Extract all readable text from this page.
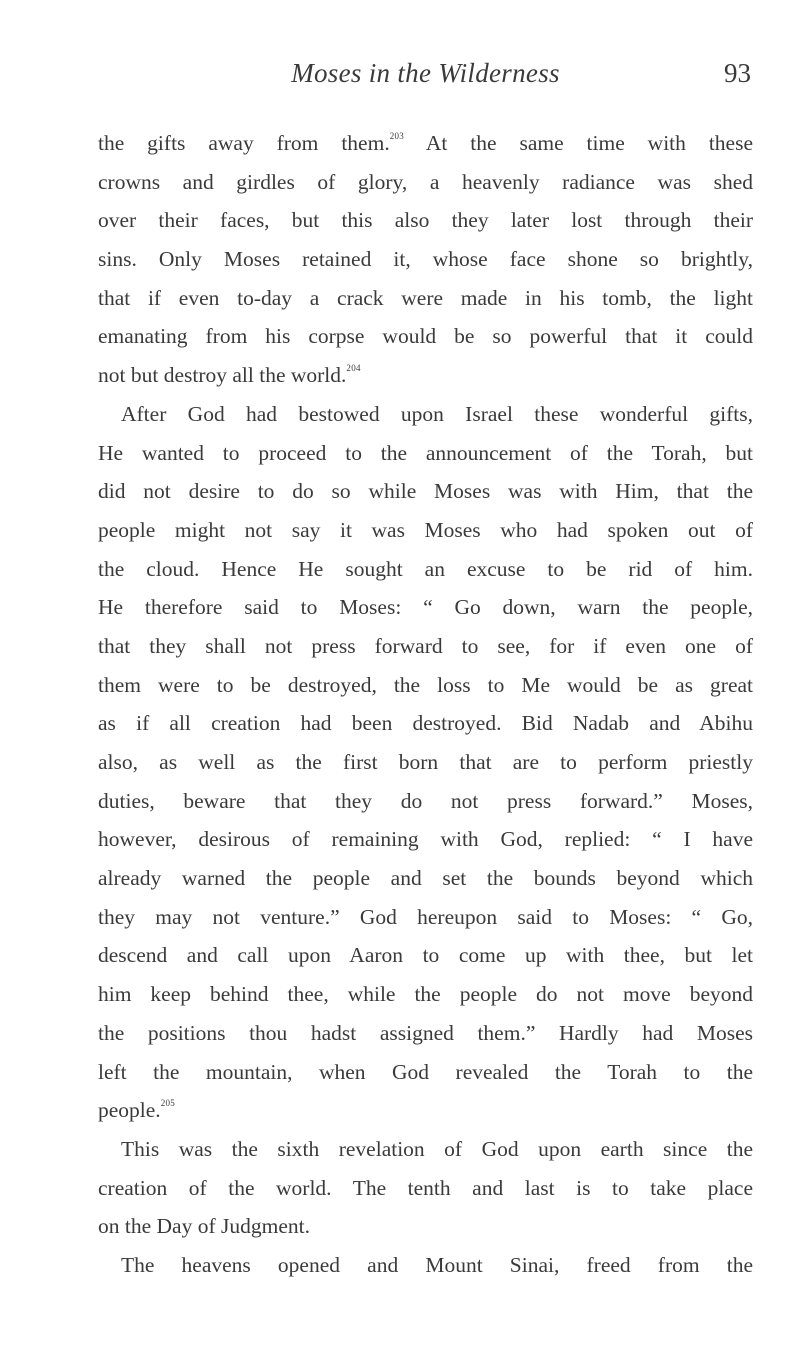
Moses in the Wilderness	93
the gifts away from them.$^{203}$ At the same time with these
crowns and girdles of glory, a heavenly radiance was shed
over their faces, but this also they later lost through their
sins. Only Moses retained it, whose face shone so brightly,
that if even to-day a crack were made in his tomb, the light
emanating from his corpse would be so powerful that it could
not but destroy all the world.$^{204}$
After God had bestowed upon Israel these wonderful gifts,
He wanted to proceed to the announcement of the Torah, but
did not desire to do so while Moses was with Him, that the
people might not say it was Moses who had spoken out of
the cloud. Hence He sought an excuse to be rid of him.
He therefore said to Moses: “ Go down, warn the people,
that they shall not press forward to see, for if even one of
them were to be destroyed, the loss to Me would be as great
as if all creation had been destroyed. Bid Nadab and Abihu
also, as well as the first born that are to perform priestly
duties, beware that they do not press forward.” Moses,
however, desirous of remaining with God, replied: “ I have
already warned the people and set the bounds beyond which
they may not venture.” God hereupon said to Moses: “ Go,
descend and call upon Aaron to come up with thee, but let
him keep behind thee, while the people do not move beyond
the positions thou hadst assigned them.” Hardly had Moses
left the mountain, when God revealed the Torah to the
people.$^{205}$
This was the sixth revelation of God upon earth since the
creation of the world. The tenth and last is to take place
on the Day of Judgment.
The heavens opened and Mount Sinai, freed from the
